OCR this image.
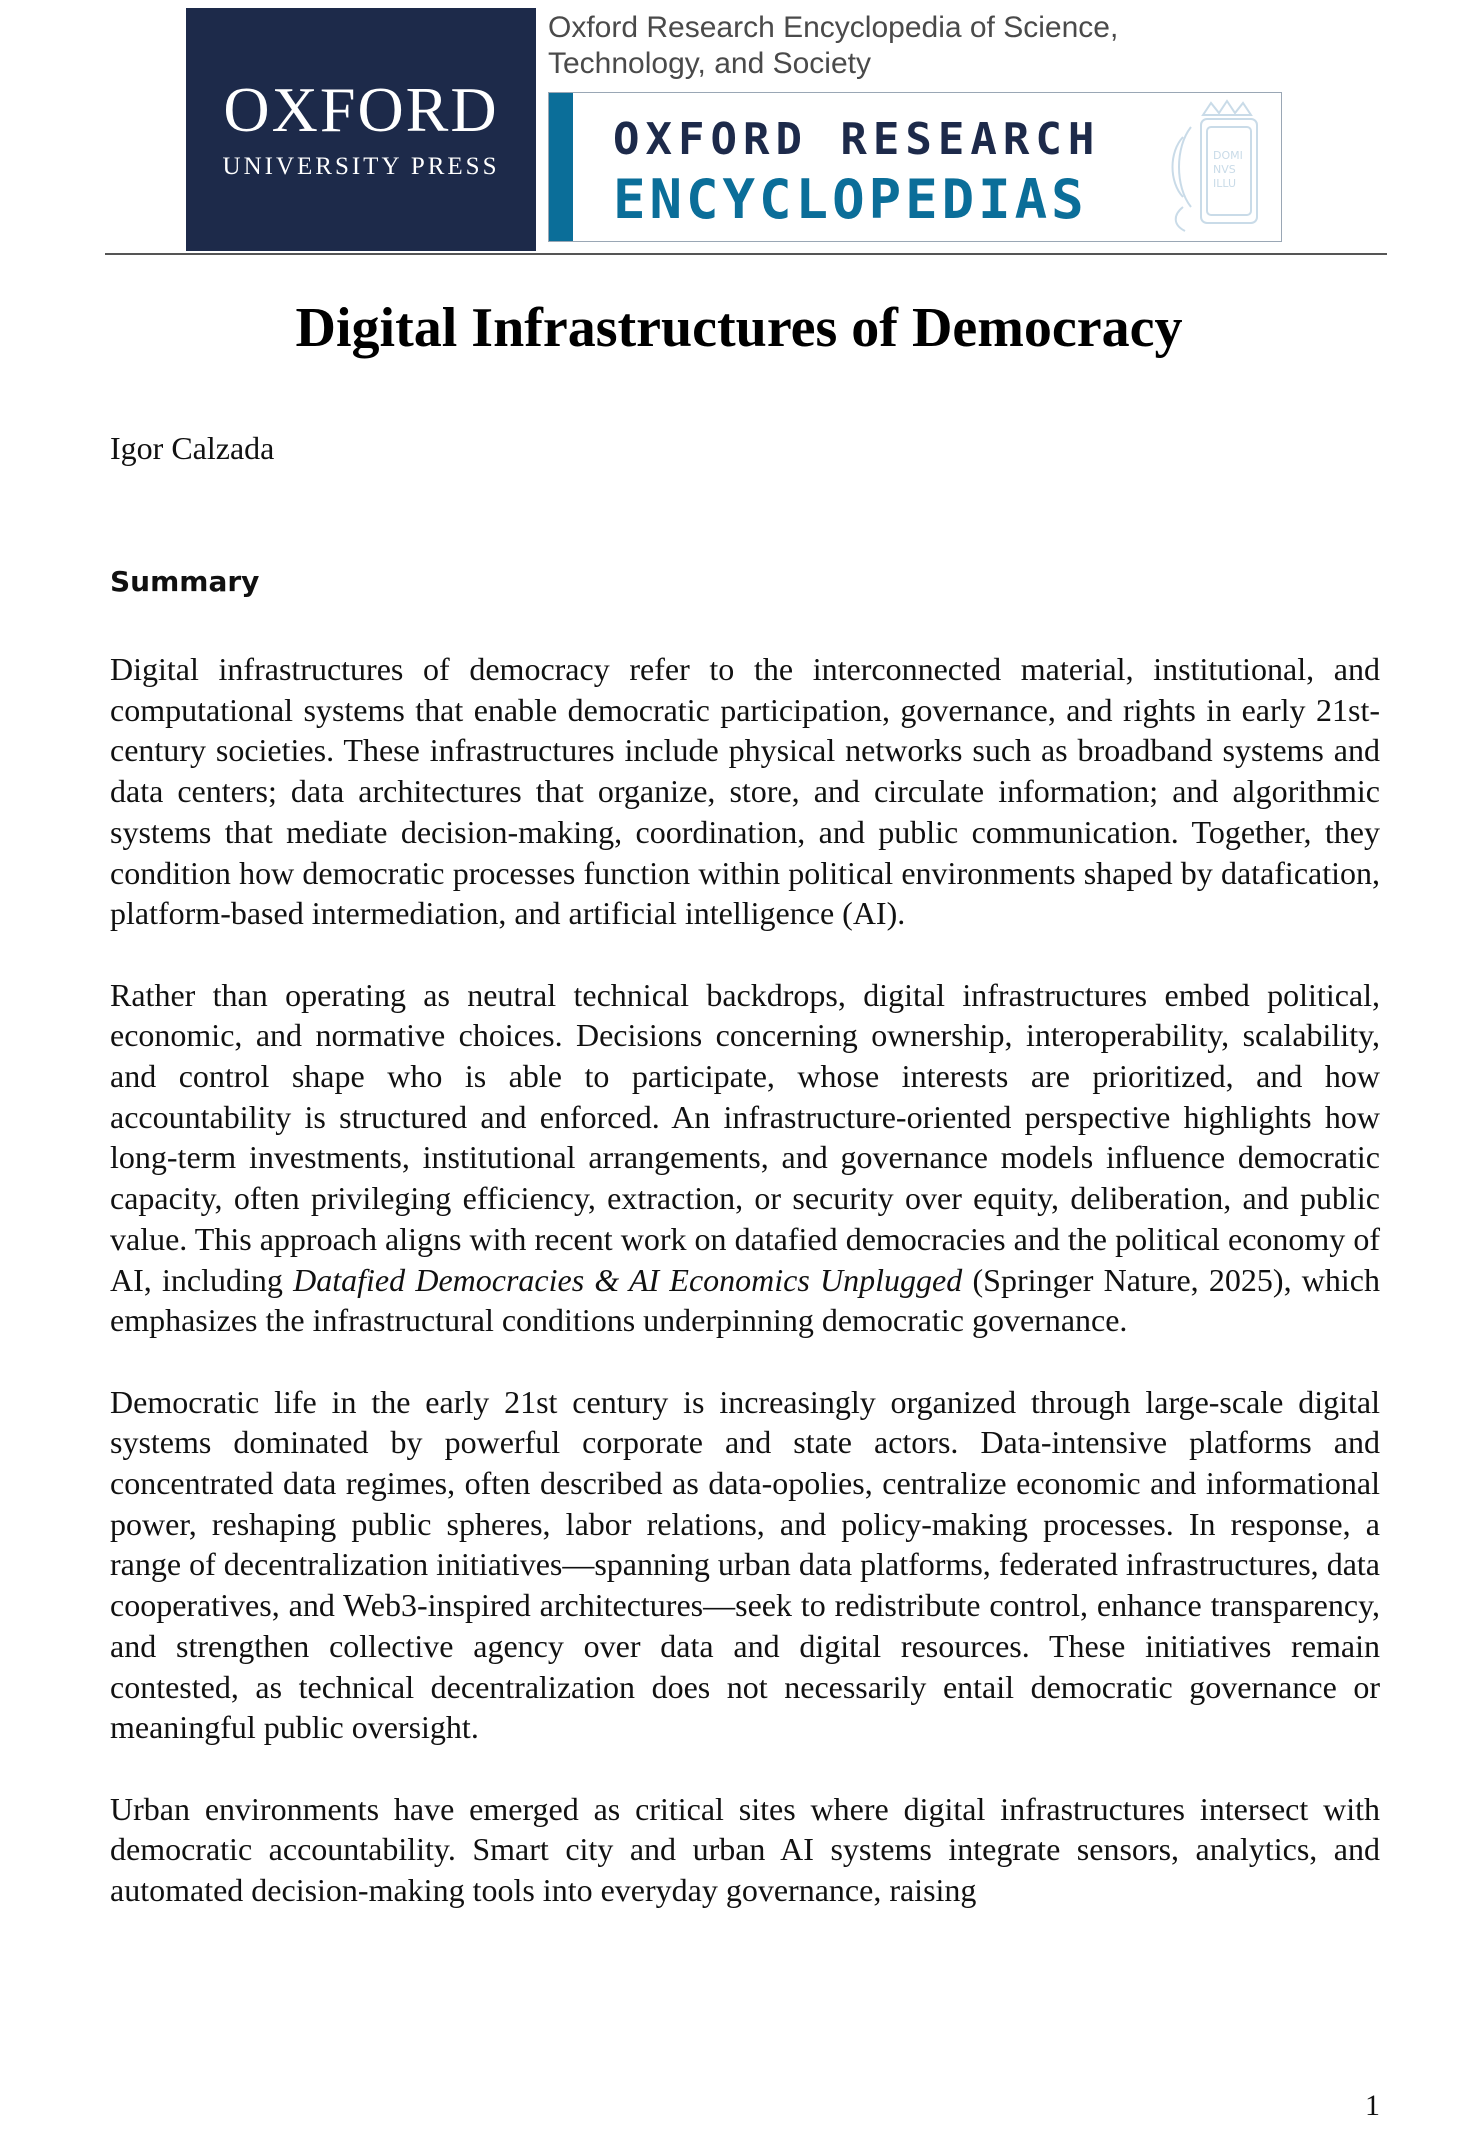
OXFORD
UNIVERSITY PRESS
Oxford Research Encyclopedia of Science, Technology, and Society
OXFORD RESEARCH
ENCYCLOPEDIAS
DOMI
NVS
ILLU
Digital Infrastructures of Democracy
Igor Calzada
Summary

Digital infrastructures of democracy refer to the interconnected material, institutional, and computational systems that enable democratic participation, governance, and rights in early 21st-century societies. These infrastructures include physical networks such as broadband systems and data centers; data architectures that organize, store, and circulate information; and algorithmic systems that mediate decision-making, coordination, and public communication. Together, they condition how democratic processes function within political environments shaped by datafication, platform-based intermediation, and artificial intelligence (AI).

Rather than operating as neutral technical backdrops, digital infrastructures embed political, economic, and normative choices. Decisions concerning ownership, interoperability, scalability, and control shape who is able to participate, whose interests are prioritized, and how accountability is structured and enforced. An infrastructure-oriented perspective highlights how long-term investments, institutional arrangements, and governance models influence democratic capacity, often privileging efficiency, extraction, or security over equity, deliberation, and public value. This approach aligns with recent work on datafied democracies and the political economy of AI, including Datafied Democracies & AI Economics Unplugged (Springer Nature, 2025), which emphasizes the infrastructural conditions underpinning democratic governance.

Democratic life in the early 21st century is increasingly organized through large-scale digital systems dominated by powerful corporate and state actors. Data-intensive platforms and concentrated data regimes, often described as data-opolies, centralize economic and informational power, reshaping public spheres, labor relations, and policy-making processes. In response, a range of decentralization initiatives—spanning urban data platforms, federated infrastructures, data cooperatives, and Web3-inspired architectures—seek to redistribute control, enhance transparency, and strengthen collective agency over data and digital resources. These initiatives remain contested, as technical decentralization does not necessarily entail democratic governance or meaningful public oversight.

Urban environments have emerged as critical sites where digital infrastructures intersect with democratic accountability. Smart city and urban AI systems integrate sensors, analytics, and automated decision-making tools into everyday governance, raising

1
